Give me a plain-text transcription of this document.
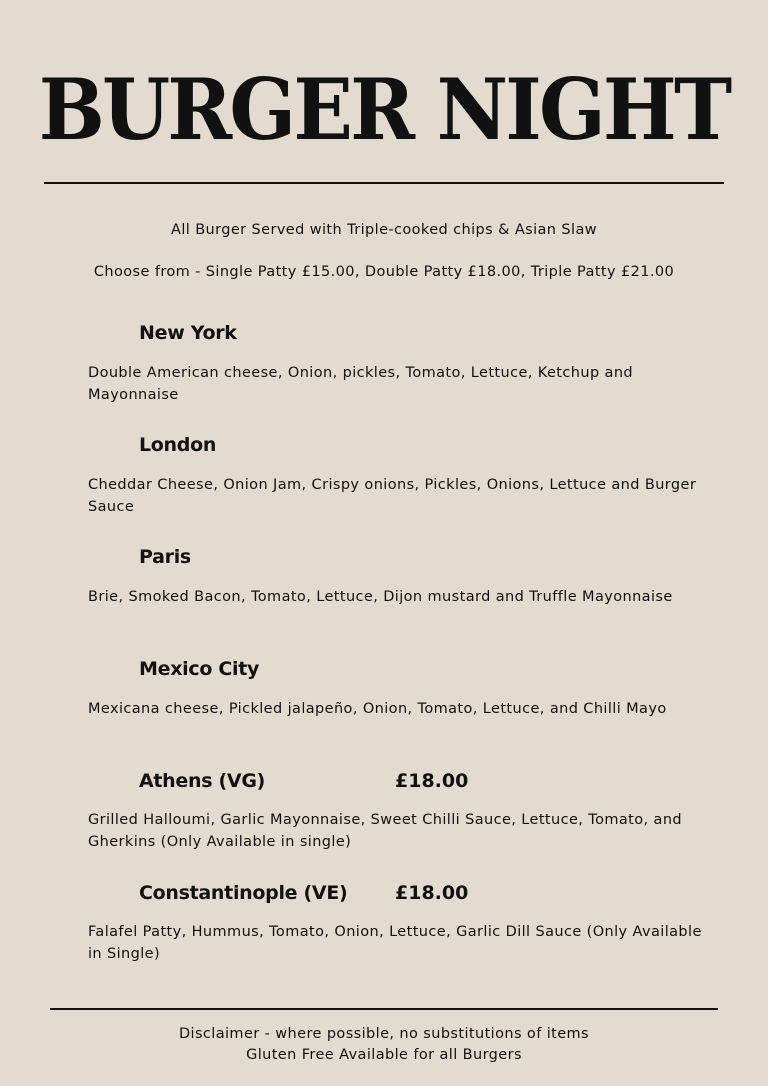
BURGER NIGHT
All Burger Served with Triple-cooked chips & Asian Slaw
Choose from - Single Patty £15.00, Double Patty £18.00, Triple Patty £21.00
New York
Double American cheese, Onion, pickles, Tomato, Lettuce, Ketchup and Mayonnaise
London
Cheddar Cheese, Onion Jam, Crispy onions, Pickles, Onions, Lettuce and Burger Sauce
Paris
Brie, Smoked Bacon, Tomato, Lettuce, Dijon mustard and Truffle Mayonnaise
Mexico City
Mexicana cheese, Pickled jalapeño, Onion, Tomato, Lettuce, and Chilli Mayo
Athens (VG)	£18.00
Grilled Halloumi, Garlic Mayonnaise, Sweet Chilli Sauce, Lettuce, Tomato, and Gherkins (Only Available in single)
Constantinople (VE)	£18.00
Falafel Patty, Hummus, Tomato, Onion, Lettuce, Garlic Dill Sauce (Only Available in Single)
Disclaimer - where possible, no substitutions of items
Gluten Free Available for all Burgers
